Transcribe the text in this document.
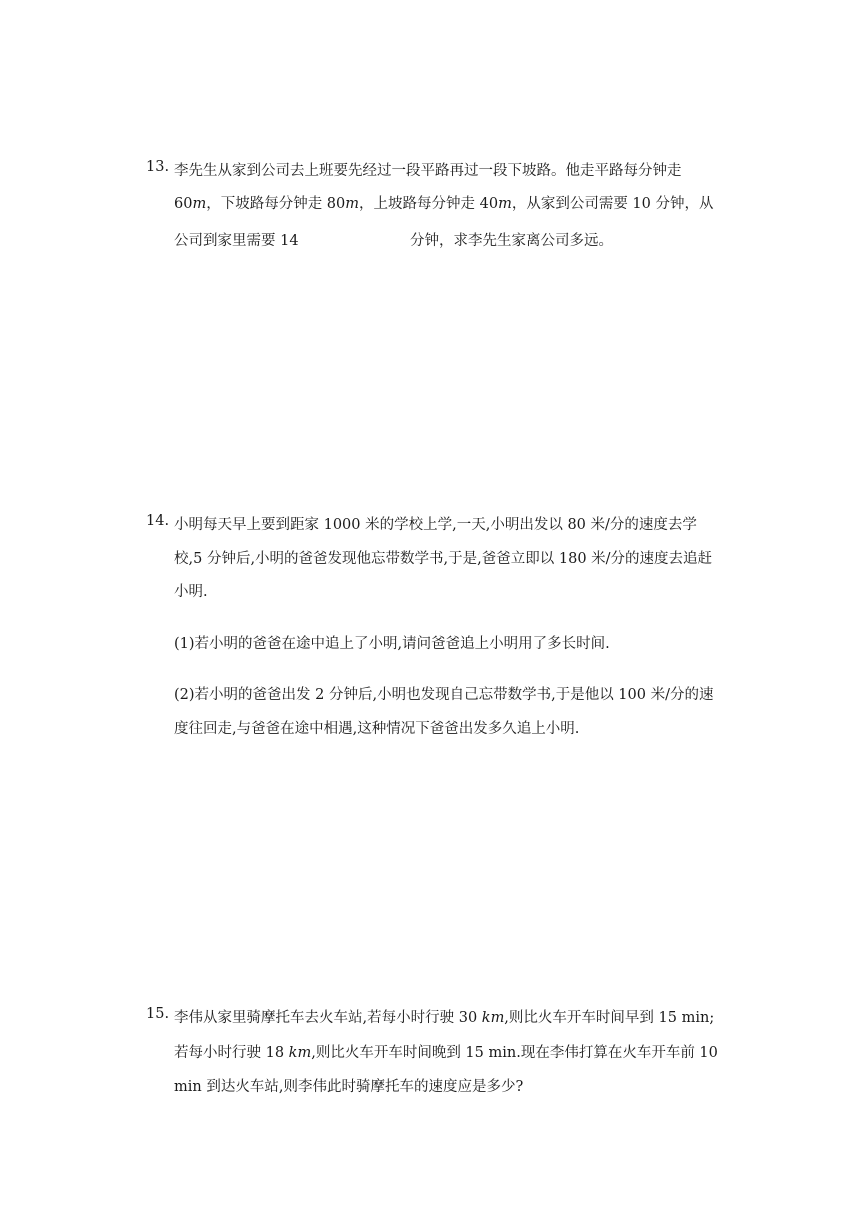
13. 李先生从家到公司去上班要先经过一段平路再过一段下坡路。他走平路每分钟走
60𝑚，下坡路每分钟走 80𝑚，上坡路每分钟走 40𝑚，从家到公司需要 10 分钟，从
公司到家里需要 14	分钟，求李先生家离公司多远。
14. 小明每天早上要到距家 1000 米的学校上学,一天,小明出发以 80 米/分的速度去学
校,5 分钟后,小明的爸爸发现他忘带数学书,于是,爸爸立即以 180 米/分的速度去追赶
小明.
(1)若小明的爸爸在途中追上了小明,请问爸爸追上小明用了多长时间.
(2)若小明的爸爸出发 2 分钟后,小明也发现自己忘带数学书,于是他以 100 米/分的速
度往回走,与爸爸在途中相遇,这种情况下爸爸出发多久追上小明.
15. 李伟从家里骑摩托车去火车站,若每小时行驶 30 𝑘𝑚,则比火车开车时间早到 15 min;
若每小时行驶 18 𝑘𝑚,则比火车开车时间晚到 15 min.现在李伟打算在火车开车前 10
min 到达火车站,则李伟此时骑摩托车的速度应是多少?
